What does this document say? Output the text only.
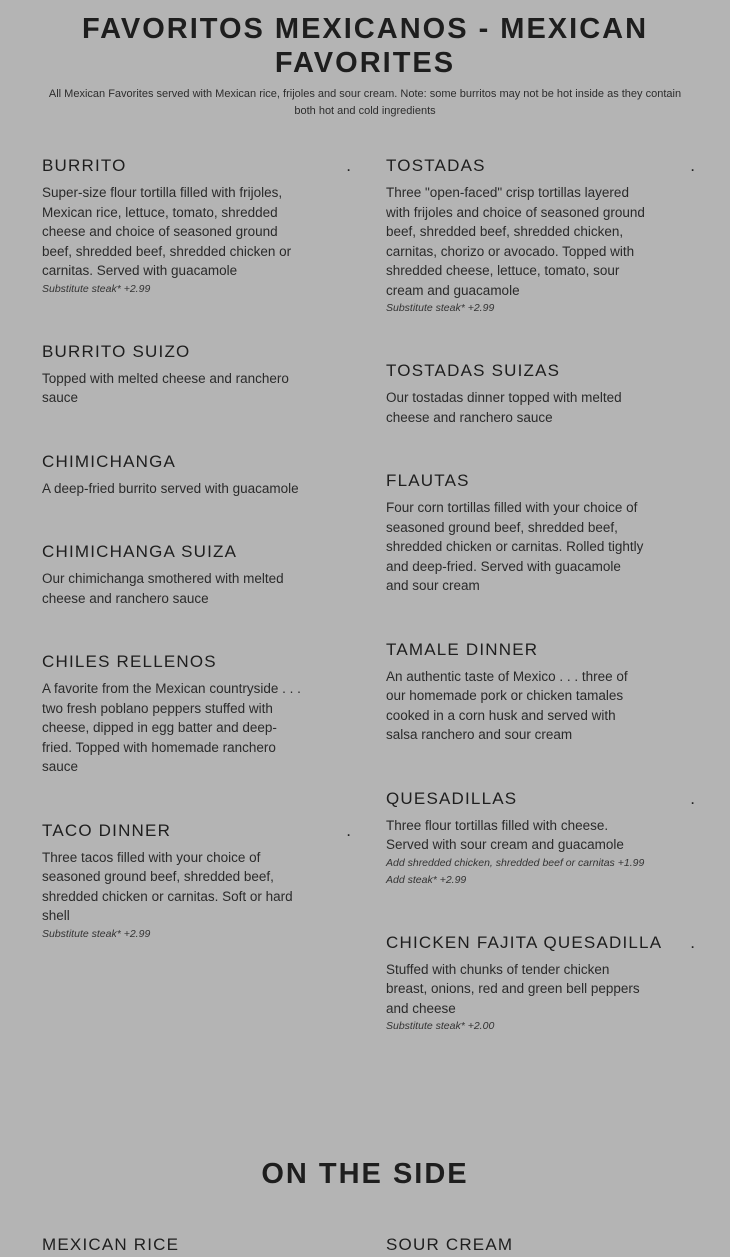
FAVORITOS MEXICANOS - MEXICAN FAVORITES

All Mexican Favorites served with Mexican rice, frijoles and sour cream. Note: some burritos may not be hot inside as they contain both hot and cold ingredients

BURRITO	.

Super-size flour tortilla filled with frijoles, Mexican rice, lettuce, tomato, shredded cheese and choice of seasoned ground beef, shredded beef, shredded chicken or carnitas. Served with guacamole

Substitute steak* +2.99

BURRITO SUIZO

Topped with melted cheese and ranchero sauce

CHIMICHANGA

A deep-fried burrito served with guacamole

CHIMICHANGA SUIZA

Our chimichanga smothered with melted cheese and ranchero sauce

CHILES RELLENOS

A favorite from the Mexican countryside . . . two fresh poblano peppers stuffed with cheese, dipped in egg batter and deep-fried. Topped with homemade ranchero sauce

TACO DINNER	.

Three tacos filled with your choice of seasoned ground beef, shredded beef, shredded chicken or carnitas. Soft or hard shell

Substitute steak* +2.99

TOSTADAS	.

Three "open-faced" crisp tortillas layered with frijoles and choice of seasoned ground beef, shredded beef, shredded chicken, carnitas, chorizo or avocado. Topped with shredded cheese, lettuce, tomato, sour cream and guacamole

Substitute steak* +2.99

TOSTADAS SUIZAS

Our tostadas dinner topped with melted cheese and ranchero sauce

FLAUTAS

Four corn tortillas filled with your choice of seasoned ground beef, shredded beef, shredded chicken or carnitas. Rolled tightly and deep-fried. Served with guacamole and sour cream

TAMALE DINNER

An authentic taste of Mexico . . . three of our homemade pork or chicken tamales cooked in a corn husk and served with salsa ranchero and sour cream

QUESADILLAS	.

Three flour tortillas filled with cheese. Served with sour cream and guacamole

Add shredded chicken, shredded beef or carnitas +1.99

Add steak* +2.99

CHICKEN FAJITA QUESADILLA	.

Stuffed with chunks of tender chicken breast, onions, red and green bell peppers and cheese

Substitute steak* +2.00

ON THE SIDE
MEXICAN RICE	SOUR CREAM
